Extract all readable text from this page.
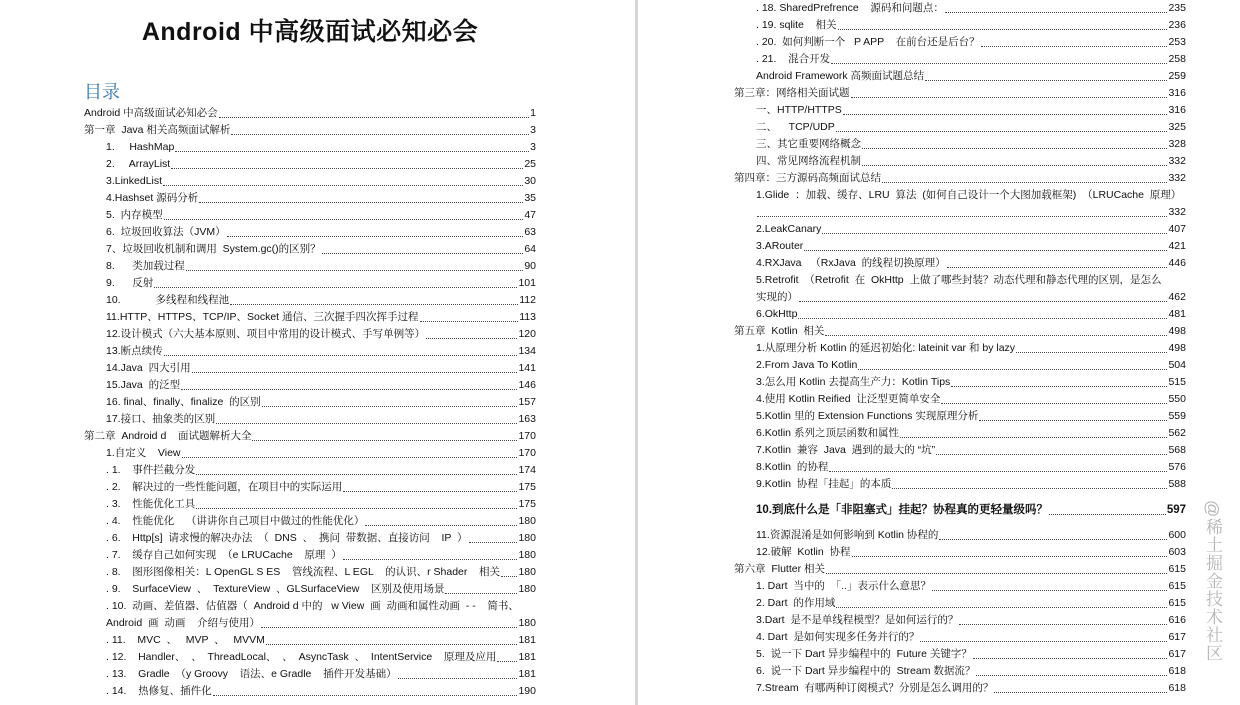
Android 中高级面试必知必会
目录
Android 中高级面试必知必会	1
第一章  Java 相关高频面试解析	3
1.     HashMap	3
2.     ArrayList	25
3.LinkedList	30
4.Hashset 源码分析	35
5.  内存模型	47
6.  垃圾回收算法（JVM）	63
7、垃圾回收机制和调用  System.gc()的区别？	64
8.      类加载过程	90
9.      反射	101
10.            多线程和线程池	112
11.HTTP、HTTPS、TCP/IP、Socket 通信、三次握手四次挥手过程	113
12.设计模式（六大基本原则、项目中常用的设计模式、手写单例等）	120
13.断点续传	134
14.Java  四大引用	141
15.Java  的泛型	146
16. final、finally、finalize  的区别	157
17.接口、抽象类的区别	163
第二章  Android d    面试题解析大全	170
1.自定义    View	170
. 1.    事件拦截分发	174
. 2.    解决过的一些性能问题，在项目中的实际运用	175
. 3.    性能优化工具	175
. 4.    性能优化    （讲讲你自己项目中做过的性能优化）	180
. 6.    Http[s]  请求慢的解决办法  （  DNS  、  携问  带数据、直接访问    IP  ）	180
. 7.    缓存自己如何实现  （e LRUCache    原理  ）	180
. 8.    图形图像相关：L OpenGL S ES    管线流程、L EGL    的认识、r Shader    相关 180
. 9.    SurfaceView  、  TextureView  、GLSurfaceView    区别及使用场景	180
. 10.  动画、差值器、估值器（  Android d 中的   w View  画  动画和属性动画  - -    简书、
Android  画  动画    介绍与使用）	180
. 11.    MVC  、   MVP  、   MVVM	181
. 12.    Handler、  、  ThreadLocal、  、  AsyncTask  、  IntentService    原理及应用 181
. 13.    Gradle  （y Groovy    语法、e Gradle    插件开发基础）	181
. 14.    热修复、插件化	190
. 18. SharedPrefrence    源码和问题点：	235
. 19. sqlite    相关	236
. 20.  如何判断一个   P APP    在前台还是后台？	253
. 21.    混合开发	258
Android Framework 高频面试题总结	259
第三章：网络相关面试题	316
一、HTTP/HTTPS	316
二、    TCP/UDP	325
三、其它重要网络概念	328
四、常见网络流程机制	332
第四章：三方源码高频面试总结	332
1.Glide  ：加载、缓存、LRU  算法  (如何自己设计一个大图加载框架)  （LRUCache  原理）
332
2.LeakCanary	407
3.ARouter	421
4.RXJava   （RxJava  的线程切换原理）	446
5.Retrofit  （Retrofit  在  OkHttp  上做了哪些封装？动态代理和静态代理的区别，是怎么
实现的）	462
6.OkHttp	481
第五章  Kotlin  相关	498
1.从原理分析 Kotlin 的延迟初始化: lateinit var 和 by lazy	498
2.From Java To Kotlin	504
3.怎么用 Kotlin 去提高生产力：Kotlin Tips	515
4.使用 Kotlin Reified  让泛型更简单安全	550
5.Kotlin 里的 Extension Functions 实现原理分析	559
6.Kotlin 系列之顶层函数和属性	562
7.Kotlin  兼容  Java  遇到的最大的 “坑”	568
8.Kotlin  的协程	576
9.Kotlin  协程「挂起」的本质	588
10.到底什么是「非阻塞式」挂起？协程真的更轻量级吗？	597
11.资源混淆是如何影响到 Kotlin 协程的	600
12.破解  Kotlin  协程	603
第六章  Flutter 相关	615
1. Dart  当中的  「..」表示什么意思？	615
2. Dart  的作用域	615
3.Dart  是不是单线程模型？是如何运行的？	616
4. Dart  是如何实现多任务并行的？	617
5.  说一下 Dart 异步编程中的  Future 关键字？	617
6.  说一下 Dart 异步编程中的  Stream 数据流？	618
7.Stream  有哪两种订阅模式？分别是怎么调用的？	618
@稀土掘金技术社区
